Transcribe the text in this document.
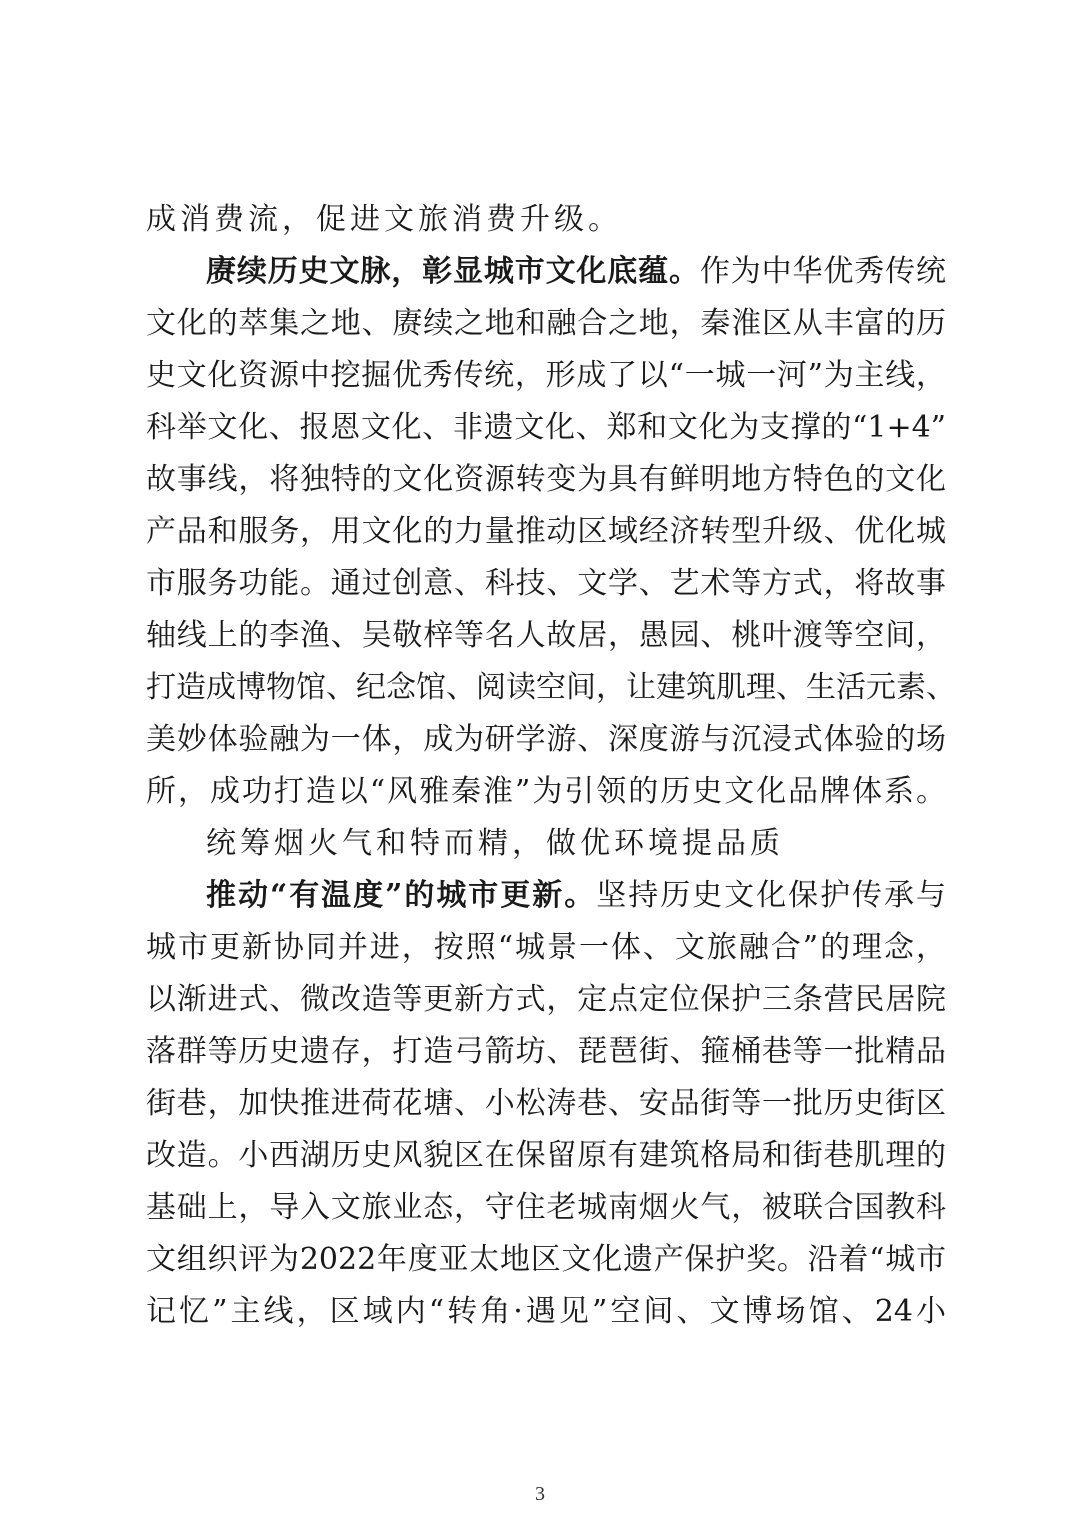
成消费流，促进文旅消费升级。
赓续历史文脉，彰显城市文化底蕴。作为中华优秀传统
文化的萃集之地、赓续之地和融合之地，秦淮区从丰富的历
史文化资源中挖掘优秀传统，形成了以“一城一河”为主线，
科举文化、报恩文化、非遗文化、郑和文化为支撑的“1+4”
故事线，将独特的文化资源转变为具有鲜明地方特色的文化
产品和服务，用文化的力量推动区域经济转型升级、优化城
市服务功能。通过创意、科技、文学、艺术等方式，将故事
轴线上的李渔、吴敬梓等名人故居，愚园、桃叶渡等空间，
打造成博物馆、纪念馆、阅读空间，让建筑肌理、生活元素、
美妙体验融为一体，成为研学游、深度游与沉浸式体验的场
所，成功打造以“风雅秦淮”为引领的历史文化品牌体系。
统筹烟火气和特而精，做优环境提品质
推动“有温度”的城市更新。坚持历史文化保护传承与
城市更新协同并进，按照“城景一体、文旅融合”的理念，
以渐进式、微改造等更新方式，定点定位保护三条营民居院
落群等历史遗存，打造弓箭坊、琵琶街、箍桶巷等一批精品
街巷，加快推进荷花塘、小松涛巷、安品街等一批历史街区
改造。小西湖历史风貌区在保留原有建筑格局和街巷肌理的
基础上，导入文旅业态，守住老城南烟火气，被联合国教科
文组织评为2022年度亚太地区文化遗产保护奖。沿着“城市
记忆”主线，区域内“转角·遇见”空间、文博场馆、24小
3
